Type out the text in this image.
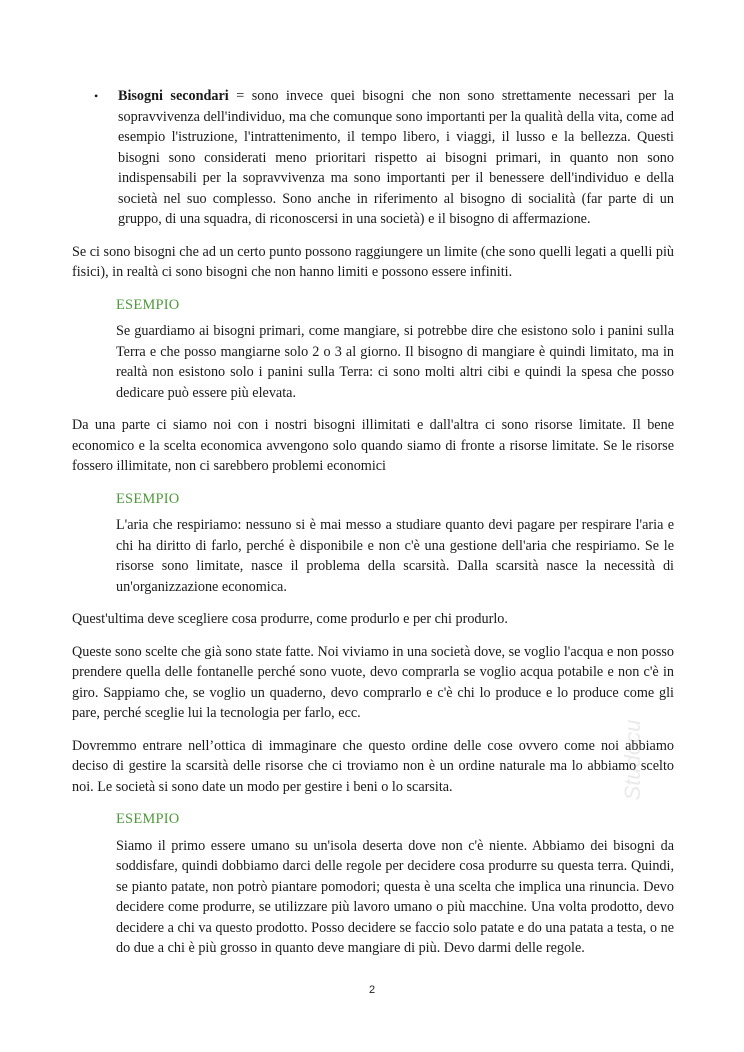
•	Bisogni secondari = sono invece quei bisogni che non sono strettamente necessari per la sopravvivenza dell'individuo, ma che comunque sono importanti per la qualità della vita, come ad esempio l'istruzione, l'intrattenimento, il tempo libero, i viaggi, il lusso e la bellezza. Questi bisogni sono considerati meno prioritari rispetto ai bisogni primari, in quanto non sono indispensabili per la sopravvivenza ma sono importanti per il benessere dell'individuo e della società nel suo complesso. Sono anche in riferimento al bisogno di socialità (far parte di un gruppo, di una squadra, di riconoscersi in una società) e il bisogno di affermazione.

Se ci sono bisogni che ad un certo punto possono raggiungere un limite (che sono quelli legati a quelli più fisici), in realtà ci sono bisogni che non hanno limiti e possono essere infiniti.

ESEMPIO

Se guardiamo ai bisogni primari, come mangiare, si potrebbe dire che esistono solo i panini sulla Terra e che posso mangiarne solo 2 o 3 al giorno. Il bisogno di mangiare è quindi limitato, ma in realtà non esistono solo i panini sulla Terra: ci sono molti altri cibi e quindi la spesa che posso dedicare può essere più elevata.

Da una parte ci siamo noi con i nostri bisogni illimitati e dall'altra ci sono risorse limitate. Il bene economico e la scelta economica avvengono solo quando siamo di fronte a risorse limitate. Se le risorse fossero illimitate, non ci sarebbero problemi economici

ESEMPIO

L'aria che respiriamo: nessuno si è mai messo a studiare quanto devi pagare per respirare l'aria e chi ha diritto di farlo, perché è disponibile e non c'è una gestione dell'aria che respiriamo. Se le risorse sono limitate, nasce il problema della scarsità. Dalla scarsità nasce la necessità di un'organizzazione economica.

Quest'ultima deve scegliere cosa produrre, come produrlo e per chi produrlo.

Queste sono scelte che già sono state fatte. Noi viviamo in una società dove, se voglio l'acqua e non posso prendere quella delle fontanelle perché sono vuote, devo comprarla se voglio acqua potabile e non c'è in giro. Sappiamo che, se voglio un quaderno, devo comprarlo e c'è chi lo produce e lo produce come gli pare, perché sceglie lui la tecnologia per farlo, ecc.

Dovremmo entrare nell’ottica di immaginare che questo ordine delle cose ovvero come noi abbiamo deciso di gestire la scarsità delle risorse che ci troviamo non è un ordine naturale ma lo abbiamo scelto noi. Le società si sono date un modo per gestire i beni o lo scarsita.

ESEMPIO

Siamo il primo essere umano su un'isola deserta dove non c'è niente. Abbiamo dei bisogni da soddisfare, quindi dobbiamo darci delle regole per decidere cosa produrre su questa terra. Quindi, se pianto patate, non potrò piantare pomodori; questa è una scelta che implica una rinuncia. Devo decidere come produrre, se utilizzare più lavoro umano o più macchine. Una volta prodotto, devo decidere a chi va questo prodotto. Posso decidere se faccio solo patate e do una patata a testa, o ne do due a chi è più grosso in quanto deve mangiare di più. Devo darmi delle regole.

Studocu
2
